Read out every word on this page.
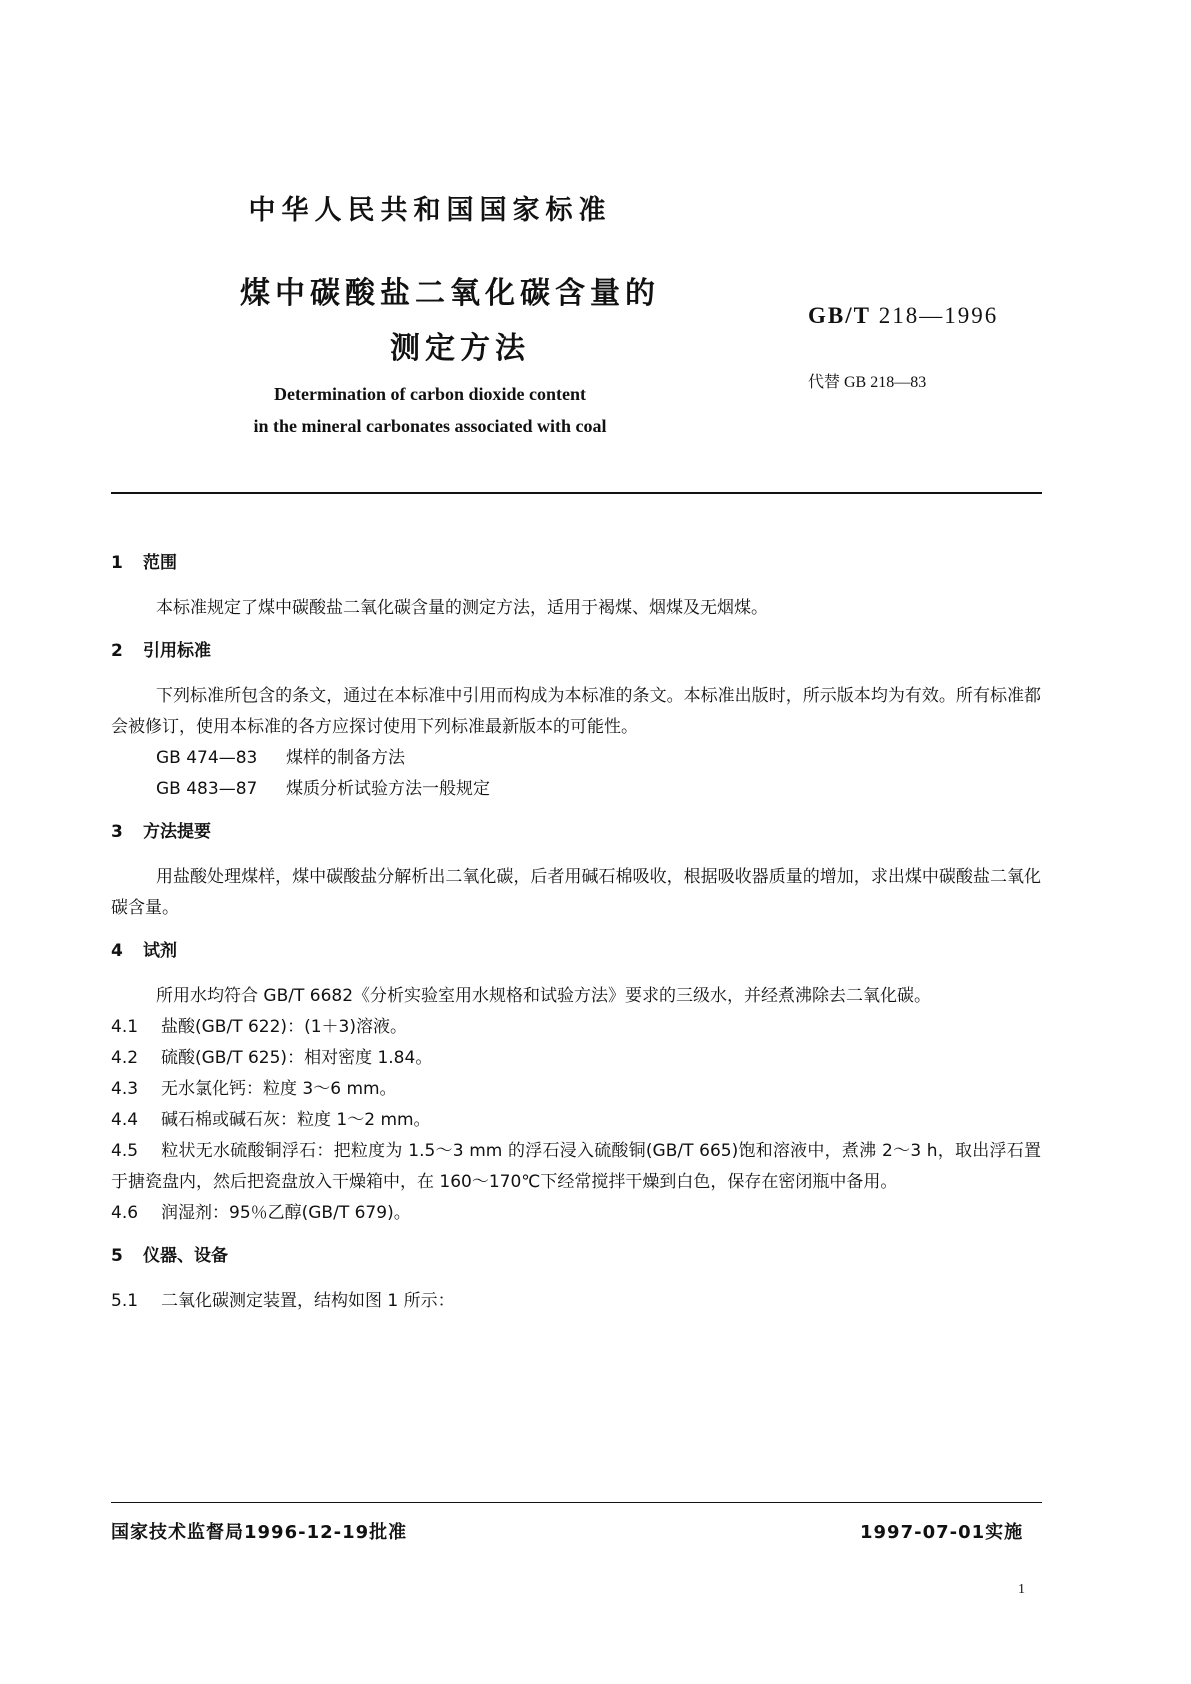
中华人民共和国国家标准
煤中碳酸盐二氧化碳含量的
测定方法
GB/T 218—1996
代替 GB 218—83
Determination of carbon dioxide content
in the mineral carbonates associated with coal
1 范围

本标准规定了煤中碳酸盐二氧化碳含量的测定方法，适用于褐煤、烟煤及无烟煤。

2 引用标准

下列标准所包含的条文，通过在本标准中引用而构成为本标准的条文。本标准出版时，所示版本均为有效。所有标准都会被修订，使用本标准的各方应探讨使用下列标准最新版本的可能性。

GB 474—83 煤样的制备方法
GB 483—87 煤质分析试验方法一般规定
3 方法提要

用盐酸处理煤样，煤中碳酸盐分解析出二氧化碳，后者用碱石棉吸收，根据吸收器质量的增加，求出煤中碳酸盐二氧化碳含量。

4 试剂

所用水均符合 GB/T 6682《分析实验室用水规格和试验方法》要求的三级水，并经煮沸除去二氧化碳。

4.1 盐酸(GB/T 622)：(1＋3)溶液。

4.2 硫酸(GB/T 625)：相对密度 1.84。

4.3 无水氯化钙：粒度 3～6 mm。

4.4 碱石棉或碱石灰：粒度 1～2 mm。

4.5 粒状无水硫酸铜浮石：把粒度为 1.5～3 mm 的浮石浸入硫酸铜(GB/T 665)饱和溶液中，煮沸 2～3 h，取出浮石置于搪瓷盘内，然后把瓷盘放入干燥箱中，在 160～170℃下经常搅拌干燥到白色，保存在密闭瓶中备用。

4.6 润湿剂：95％乙醇(GB/T 679)。

5 仪器、设备

5.1 二氧化碳测定装置，结构如图 1 所示：

国家技术监督局1996-12-19批准	1997-07-01实施
1
